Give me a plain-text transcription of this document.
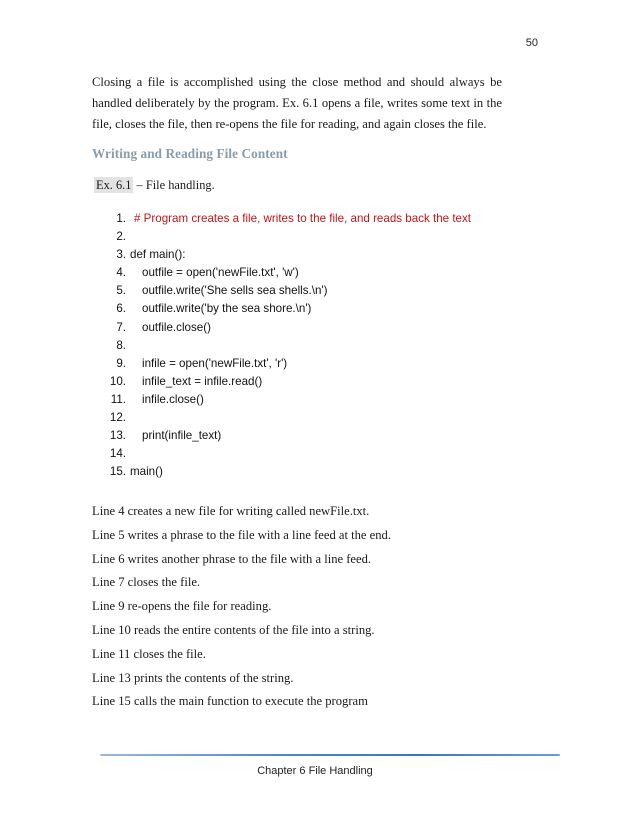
50

Closing a file is accomplished using the close method and should always be handled deliberately by the program. Ex. 6.1 opens a file, writes some text in the file, closes the file, then re-opens the file for reading, and again closes the file.

Writing and Reading File Content

Ex. 6.1 – File handling.

1. # Program creates a file, writes to the file, and reads back the text
2.
3. def main():
4. outfile = open('newFile.txt', 'w')
5. outfile.write('She sells sea shells.\n')
6. outfile.write('by the sea shore.\n')
7. outfile.close()
8.
9. infile = open('newFile.txt', 'r')
10. infile_text = infile.read()
11. infile.close()
12.
13. print(infile_text)
14.
15. main()
Line 4 creates a new file for writing called newFile.txt.
Line 5 writes a phrase to the file with a line feed at the end.
Line 6 writes another phrase to the file with a line feed.
Line 7 closes the file.
Line 9 re-opens the file for reading.
Line 10 reads the entire contents of the file into a string.
Line 11 closes the file.
Line 13 prints the contents of the string.
Line 15 calls the main function to execute the program

Chapter 6 File Handling
